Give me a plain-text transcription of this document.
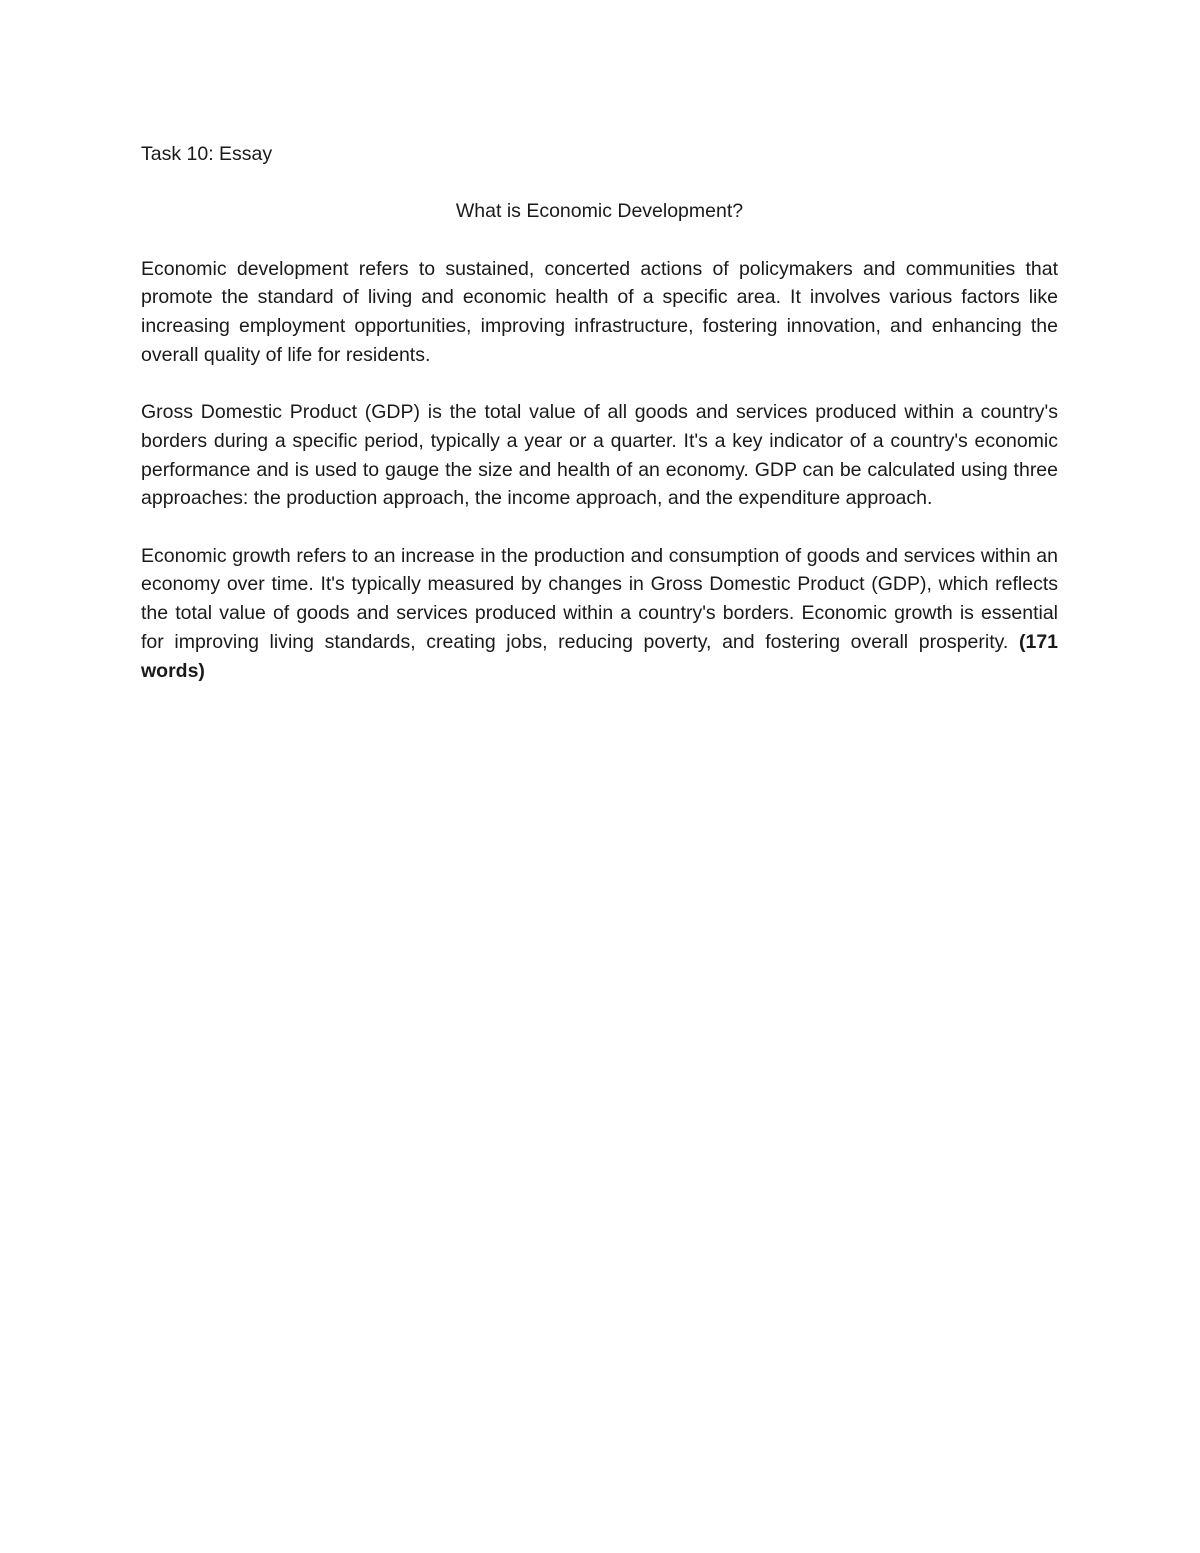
Task 10: Essay

What is Economic Development?

Economic development refers to sustained, concerted actions of policymakers and communities that promote the standard of living and economic health of a specific area. It involves various factors like increasing employment opportunities, improving infrastructure, fostering innovation, and enhancing the overall quality of life for residents.

Gross Domestic Product (GDP) is the total value of all goods and services produced within a country's borders during a specific period, typically a year or a quarter. It's a key indicator of a country's economic performance and is used to gauge the size and health of an economy. GDP can be calculated using three approaches: the production approach, the income approach, and the expenditure approach.

Economic growth refers to an increase in the production and consumption of goods and services within an economy over time. It's typically measured by changes in Gross Domestic Product (GDP), which reflects the total value of goods and services produced within a country's borders. Economic growth is essential for improving living standards, creating jobs, reducing poverty, and fostering overall prosperity. (171 words)
